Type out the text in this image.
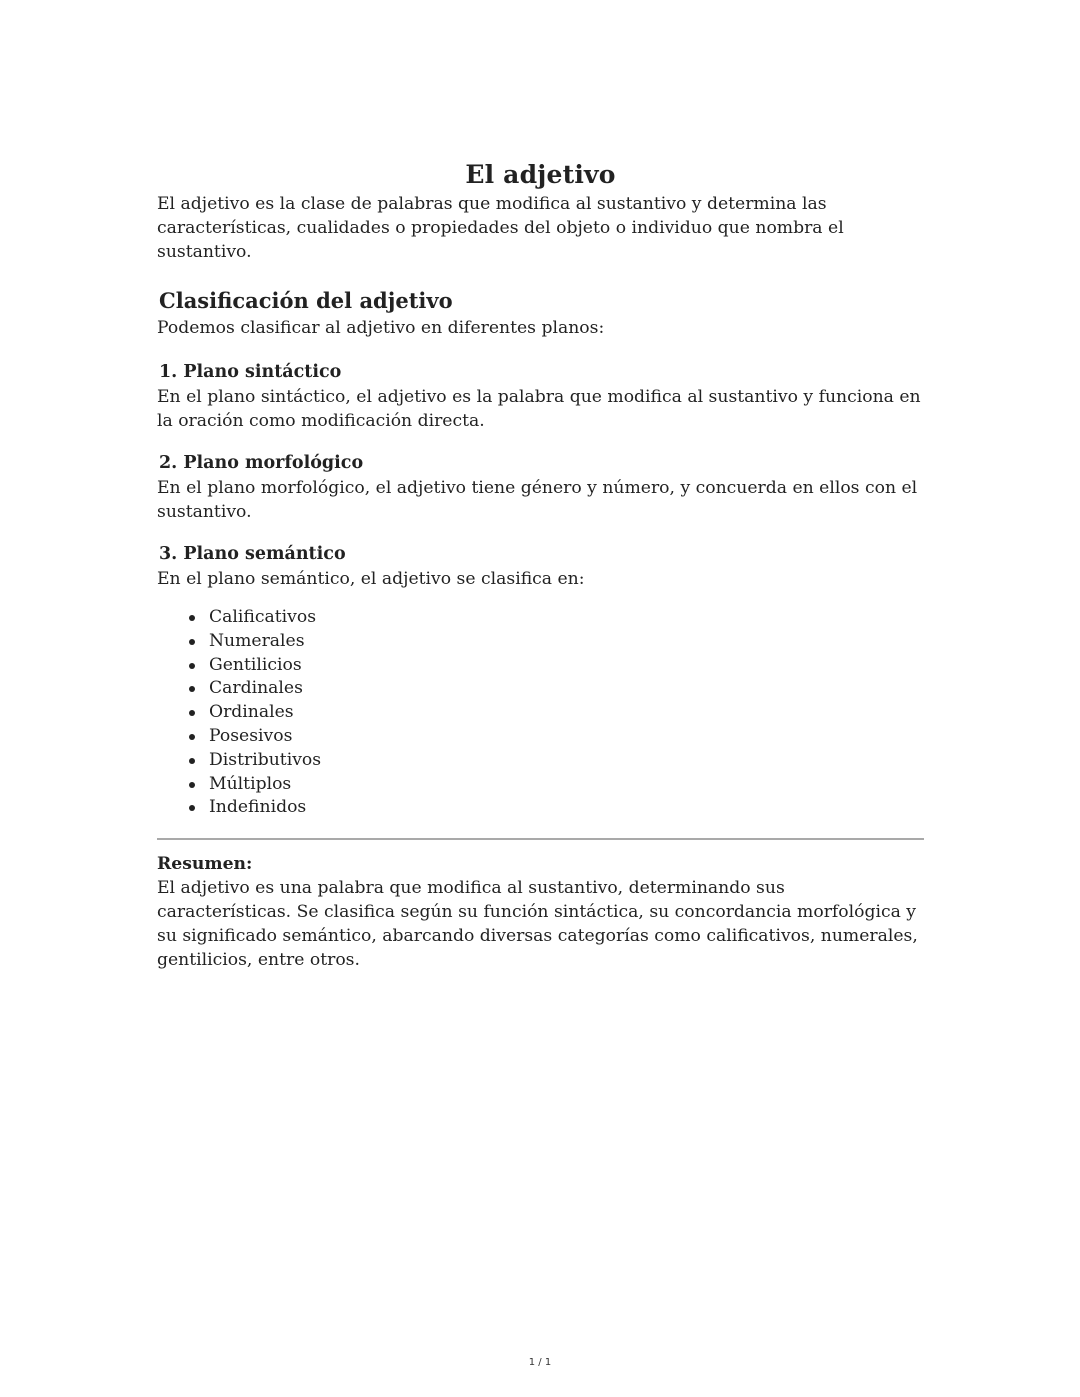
El adjetivo

El adjetivo es la clase de palabras que modifica al sustantivo y determina las características, cualidades o propiedades del objeto o individuo que nombra el sustantivo.

Clasificación del adjetivo

Podemos clasificar al adjetivo en diferentes planos:

1. Plano sintáctico

En el plano sintáctico, el adjetivo es la palabra que modifica al sustantivo y funciona en la oración como modificación directa.

2. Plano morfológico

En el plano morfológico, el adjetivo tiene género y número, y concuerda en ellos con el sustantivo.

3. Plano semántico

En el plano semántico, el adjetivo se clasifica en:

Calificativos
Numerales
Gentilicios
Cardinales
Ordinales
Posesivos
Distributivos
Múltiplos
Indefinidos
Resumen:

El adjetivo es una palabra que modifica al sustantivo, determinando sus características. Se clasifica según su función sintáctica, su concordancia morfológica y su significado semántico, abarcando diversas categorías como calificativos, numerales, gentilicios, entre otros.

1 / 1
